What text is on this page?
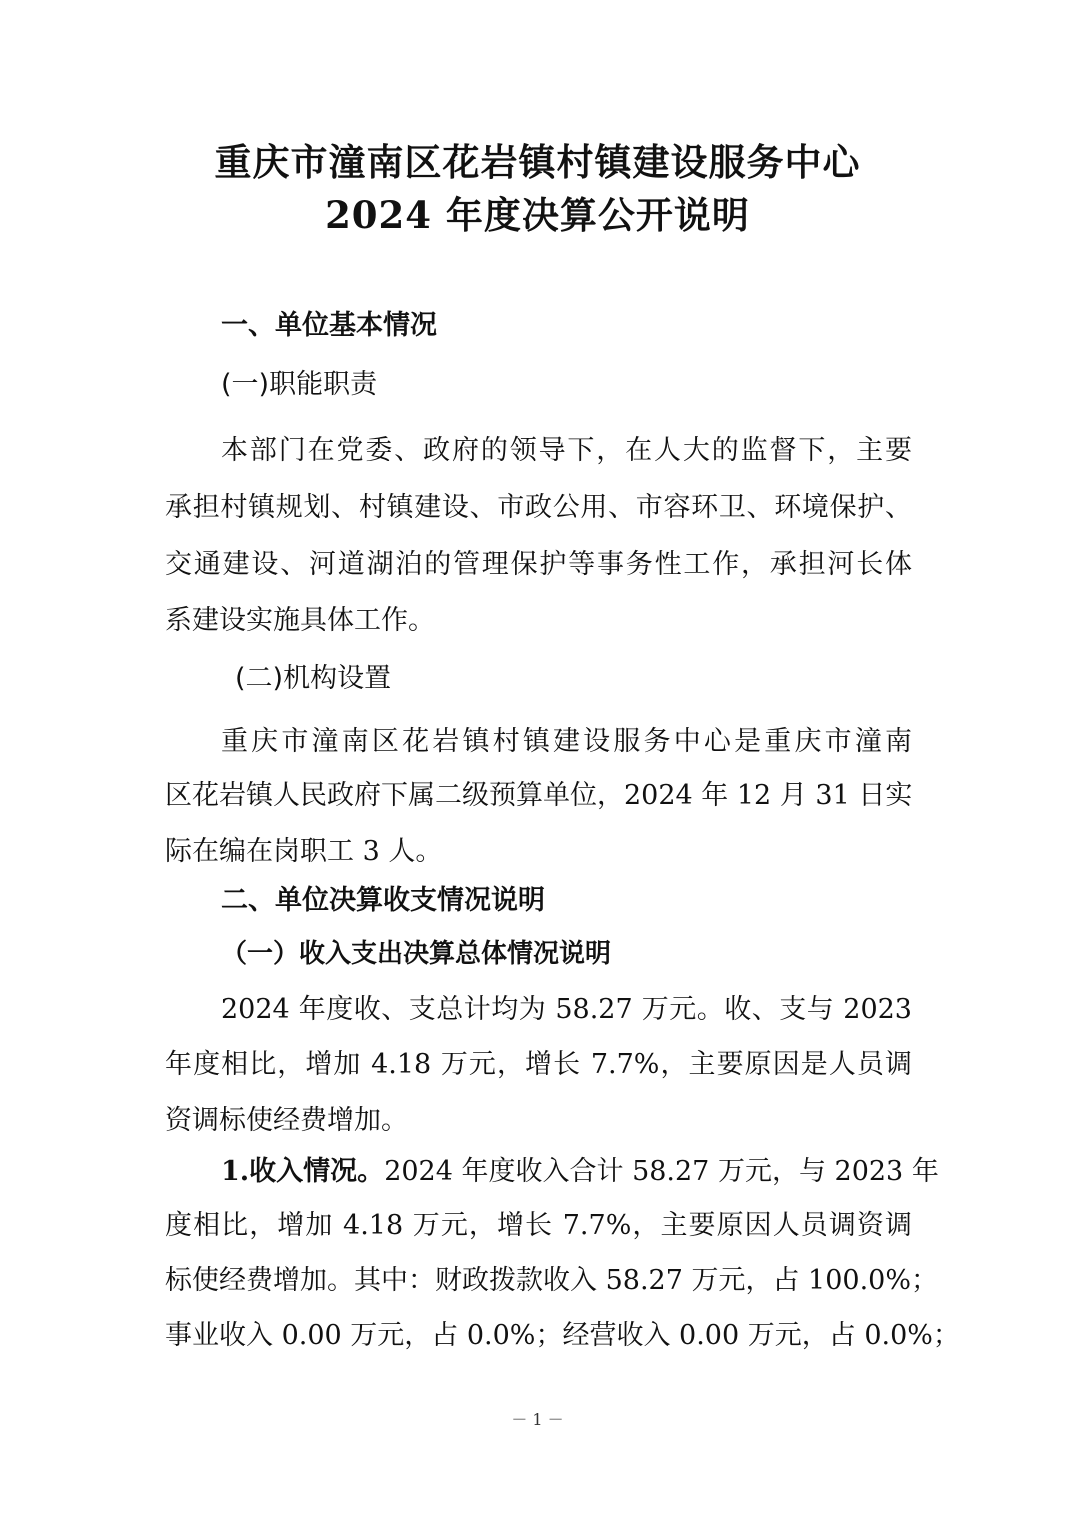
重庆市潼南区花岩镇村镇建设服务中心
2024 年度决算公开说明
一、单位基本情况
(一)职能职责
本部门在党委、政府的领导下，在人大的监督下，主要
承担村镇规划、村镇建设、市政公用、市容环卫、环境保护、
交通建设、河道湖泊的管理保护等事务性工作，承担河长体
系建设实施具体工作。
(二)机构设置
重庆市潼南区花岩镇村镇建设服务中心是重庆市潼南
区花岩镇人民政府下属二级预算单位，2024 年 12 月 31 日实
际在编在岗职工 3 人。
二、单位决算收支情况说明
（一）收入支出决算总体情况说明
2024 年度收、支总计均为 58.27 万元。收、支与 2023
年度相比，增加 4.18 万元，增长 7.7%，主要原因是人员调
资调标使经费增加。
1.收入情况。2024 年度收入合计 58.27 万元，与 2023 年
度相比，增加 4.18 万元，增长 7.7%，主要原因人员调资调
标使经费增加。其中：财政拨款收入 58.27 万元，占 100.0%；
事业收入 0.00 万元，占 0.0%；经营收入 0.00 万元，占 0.0%；
－ 1 －
